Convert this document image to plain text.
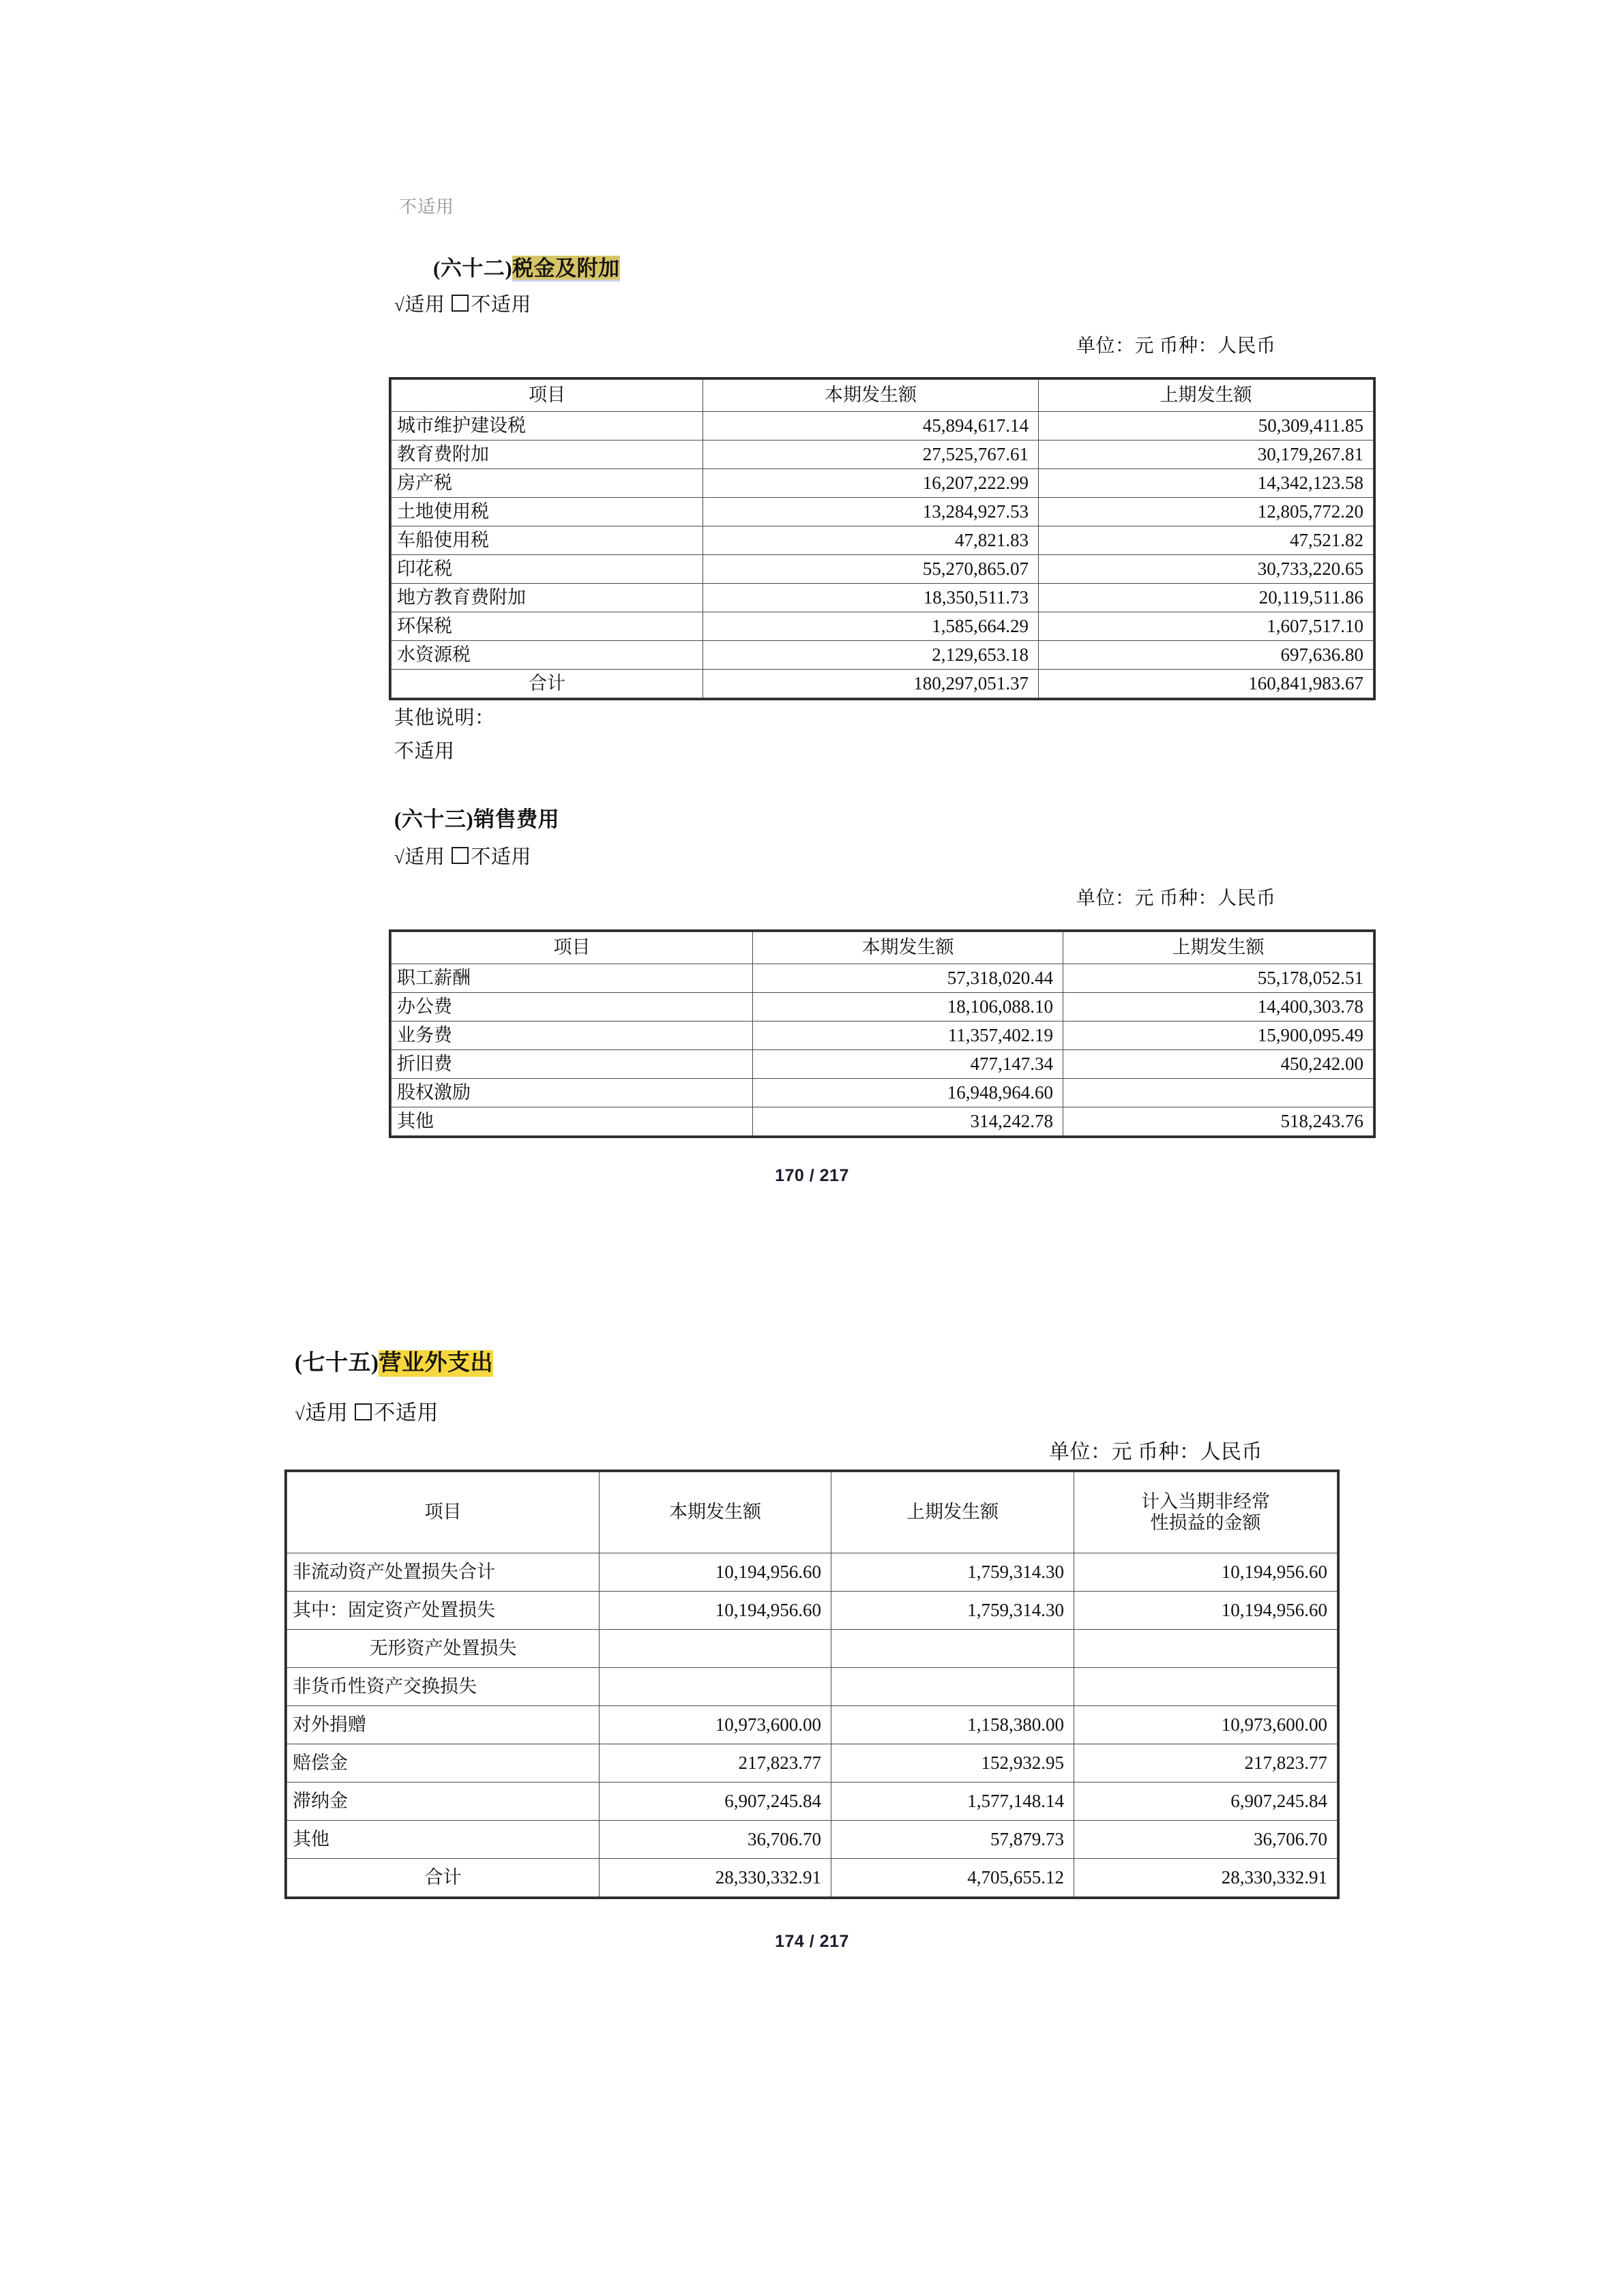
不适用
(六十二)税金及附加
√适用 不适用
单位：元 币种：人民币
项目	本期发生额	上期发生额
城市维护建设税	45,894,617.14	50,309,411.85
教育费附加	27,525,767.61	30,179,267.81
房产税	16,207,222.99	14,342,123.58
土地使用税	13,284,927.53	12,805,772.20
车船使用税	47,821.83	47,521.82
印花税	55,270,865.07	30,733,220.65
地方教育费附加	18,350,511.73	20,119,511.86
环保税	1,585,664.29	1,607,517.10
水资源税	2,129,653.18	697,636.80
合计	180,297,051.37	160,841,983.67
其他说明：
不适用
(六十三)销售费用
√适用 不适用
单位：元 币种：人民币
项目	本期发生额	上期发生额
职工薪酬	57,318,020.44	55,178,052.51
办公费	18,106,088.10	14,400,303.78
业务费	11,357,402.19	15,900,095.49
折旧费	477,147.34	450,242.00
股权激励	16,948,964.60	
其他	314,242.78	518,243.76
170 / 217
(七十五)营业外支出
√适用 不适用
单位：元 币种：人民币
项目	本期发生额	上期发生额	计入当期非经常
性损益的金额

非流动资产处置损失合计	10,194,956.60	1,759,314.30	10,194,956.60
其中：固定资产处置损失	10,194,956.60	1,759,314.30	10,194,956.60
无形资产处置损失			
非货币性资产交换损失			
对外捐赠	10,973,600.00	1,158,380.00	10,973,600.00
赔偿金	217,823.77	152,932.95	217,823.77
滞纳金	6,907,245.84	1,577,148.14	6,907,245.84
其他	36,706.70	57,879.73	36,706.70
合计	28,330,332.91	4,705,655.12	28,330,332.91
174 / 217
